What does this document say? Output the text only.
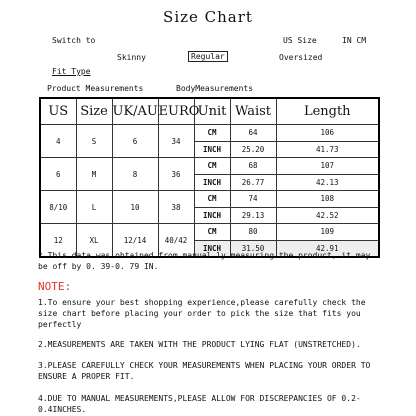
Size Chart
Switch to	US Size	IN CM
Skinny	Regular	Oversized
Fit Type
Product Measurements	BodyMeasurements
US	Size	UK/AU	EURO	Unit	Waist	Length
4	S	6	34	CM	64	106
				INCH	25.20	41.73
6	M	8	36	CM	68	107
				INCH	26.77	42.13
8/10	L	10	38	CM	74	108
				INCH	29.13	42.52
12	XL	12/14	40/42	CM	80	109
				INCH	31.50	42.91
* This data was obtained from manual ly measuring the product, it may be off by 0. 39-0. 79 IN.
NOTE:
1.To ensure your best shopping experience,please carefully check the size chart before placing your order to pick the size that fits you perfectly
2.MEASUREMENTS ARE TAKEN WITH THE PRODUCT LYING FLAT (UNSTRETCHED).
3.PLEASE CAREFULLY CHECK YOUR MEASUREMENTS WHEN PLACING YOUR ORDER TO ENSURE A PROPER FIT.
4.DUE TO MANUAL MEASUREMENTS,PLEASE ALLOW FOR DISCREPANCIES OF 0.2-0.4INCHES.
